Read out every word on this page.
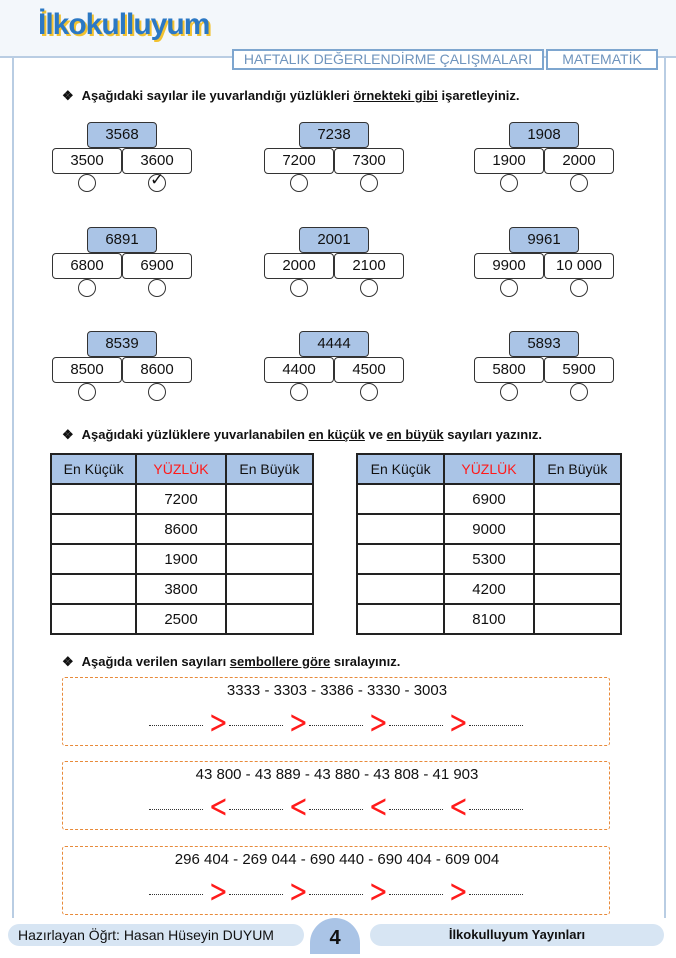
İlkokulluyum
HAFTALIK DEĞERLENDİRME ÇALIŞMALARI	MATEMATİK
❖ Aşağıdaki sayılar ile yuvarlandığı yüzlükleri örnekteki gibi işaretleyiniz.
3568
3500	3600
✓
7238
7200	7300
1908
1900	2000
6891
6800	6900
2001
2000	2100
9961
9900	10 000
8539
8500	8600
4444
4400	4500
5893
5800	5900
❖ Aşağıdaki yüzlüklere yuvarlanabilen en küçük ve en büyük sayıları yazınız.
En Küçük	YÜZLÜK	En Büyük
	7200	
	8600	
	1900	
	3800	
	2500	
En Küçük	YÜZLÜK	En Büyük
	6900	
	9000	
	5300	
	4200	
	8100	
❖ Aşağıda verilen sayıları sembollere göre sıralayınız.
3333 - 3303 - 3386 - 3330 - 3003
> > > >
43 800 - 43 889 - 43 880 - 43 808 - 41 903
< < < <
296 404 - 269 044 - 690 440 - 690 404 - 609 004
> > > >
Hazırlayan Öğrt: Hasan Hüseyin DUYUM	4	İlkokulluyum Yayınları
